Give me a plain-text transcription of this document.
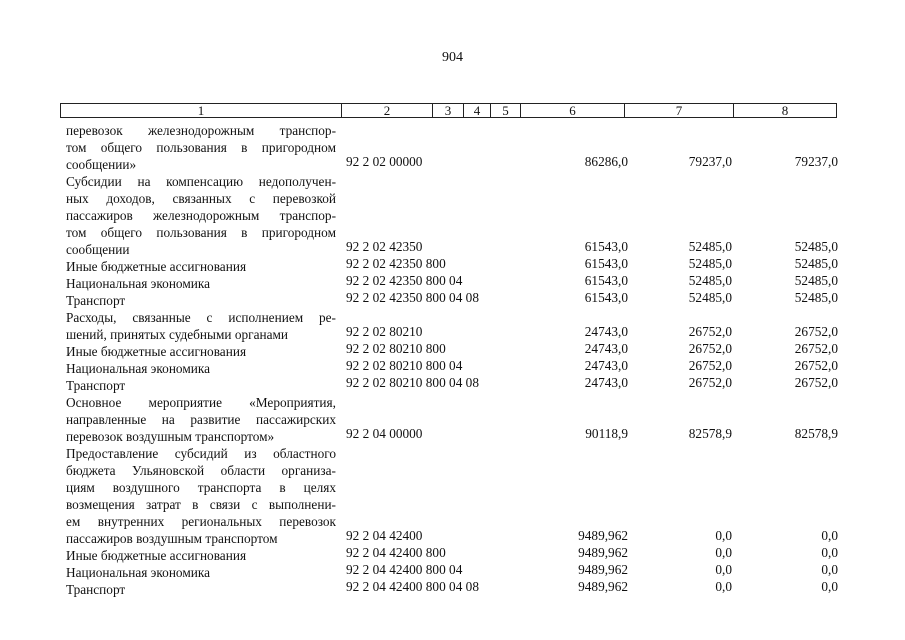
904
1	2	3	4	5	6	7	8
перевозок железнодорожным транспор-
том общего пользования в пригородном
сообщении»	92 2 02 00000	86286,0	79237,0	79237,0
Субсидии на компенсацию недополучен-
ных доходов, связанных с перевозкой
пассажиров железнодорожным транспор-
том общего пользования в пригородном
сообщении	92 2 02 42350	61543,0	52485,0	52485,0
Иные бюджетные ассигнования	92 2 02 42350 800	61543,0	52485,0	52485,0
Национальная экономика	92 2 02 42350 800 04	61543,0	52485,0	52485,0
Транспорт	92 2 02 42350 800 04 08	61543,0	52485,0	52485,0
Расходы, связанные с исполнением ре-
шений, принятых судебными органами	92 2 02 80210	24743,0	26752,0	26752,0
Иные бюджетные ассигнования	92 2 02 80210 800	24743,0	26752,0	26752,0
Национальная экономика	92 2 02 80210 800 04	24743,0	26752,0	26752,0
Транспорт	92 2 02 80210 800 04 08	24743,0	26752,0	26752,0
Основное мероприятие «Мероприятия,
направленные на развитие пассажирских
перевозок воздушным транспортом»	92 2 04 00000	90118,9	82578,9	82578,9
Предоставление субсидий из областного
бюджета Ульяновской области организа-
циям воздушного транспорта в целях
возмещения затрат в связи с выполнени-
ем внутренних региональных перевозок
пассажиров воздушным транспортом	92 2 04 42400	9489,962	0,0	0,0
Иные бюджетные ассигнования	92 2 04 42400 800	9489,962	0,0	0,0
Национальная экономика	92 2 04 42400 800 04	9489,962	0,0	0,0
Транспорт	92 2 04 42400 800 04 08	9489,962	0,0	0,0
